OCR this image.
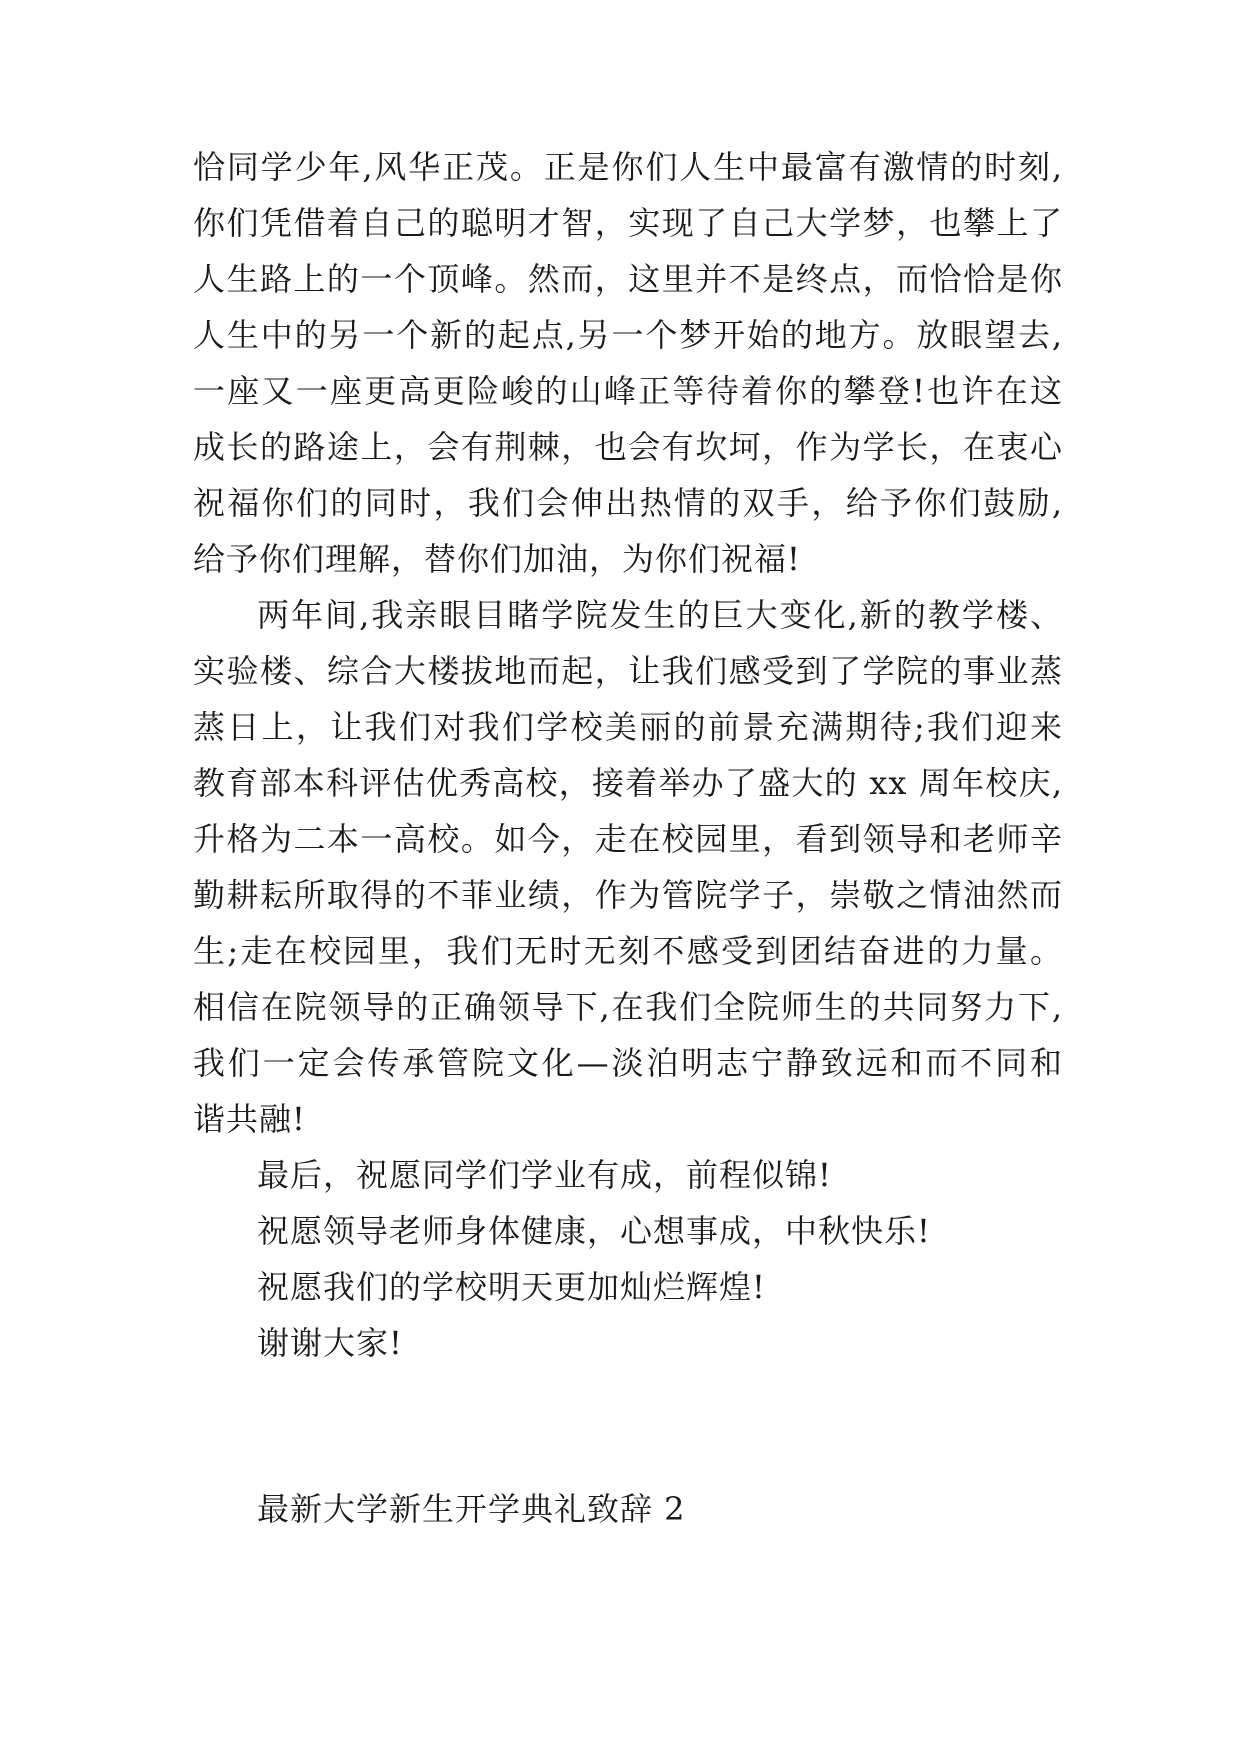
恰同学少年,风华正茂。正是你们人生中最富有激情的时刻,
你们凭借着自己的聪明才智，实现了自己大学梦，也攀上了
人生路上的一个顶峰。然而，这里并不是终点，而恰恰是你
人生中的另一个新的起点,另一个梦开始的地方。放眼望去,
一座又一座更高更险峻的山峰正等待着你的攀登!也许在这
成长的路途上，会有荆棘，也会有坎坷，作为学长，在衷心
祝福你们的同时，我们会伸出热情的双手，给予你们鼓励,
给予你们理解，替你们加油，为你们祝福!
两年间,我亲眼目睹学院发生的巨大变化,新的教学楼、
实验楼、综合大楼拔地而起，让我们感受到了学院的事业蒸
蒸日上，让我们对我们学校美丽的前景充满期待;我们迎来
教育部本科评估优秀高校，接着举办了盛大的 xx 周年校庆,
升格为二本一高校。如今，走在校园里，看到领导和老师辛
勤耕耘所取得的不菲业绩，作为管院学子，崇敬之情油然而
生;走在校园里，我们无时无刻不感受到团结奋进的力量。
相信在院领导的正确领导下,在我们全院师生的共同努力下,
我们一定会传承管院文化—淡泊明志宁静致远和而不同和
谐共融!
最后，祝愿同学们学业有成，前程似锦!
祝愿领导老师身体健康，心想事成，中秋快乐!
祝愿我们的学校明天更加灿烂辉煌!
谢谢大家!
最新大学新生开学典礼致辞 2
